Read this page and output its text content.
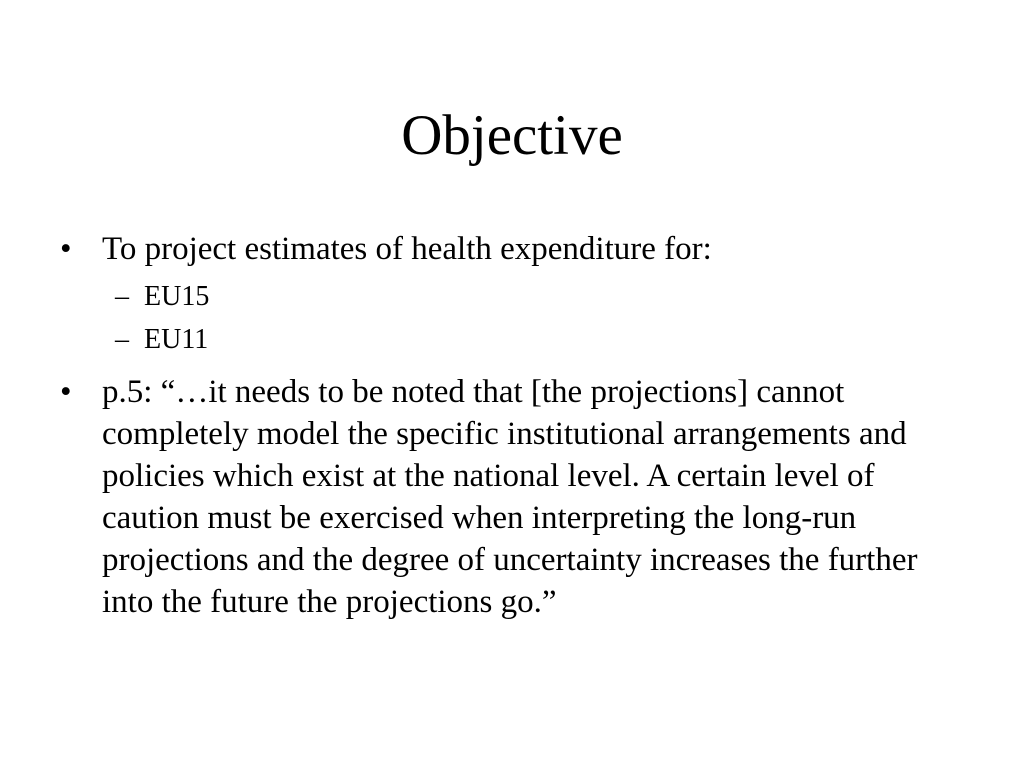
Objective
• To project estimates of health expenditure for:
– EU15
– EU11
• p.5: “…it needs to be noted that [the projections] cannot completely model the specific institutional arrangements and policies which exist at the national level. A certain level of caution must be exercised when interpreting the long-run projections and the degree of uncertainty increases the further into the future the projections go.”
